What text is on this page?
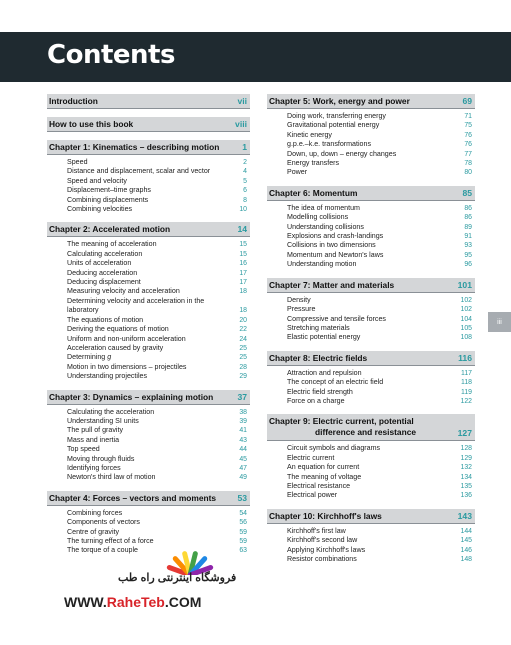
Contents
Introduction	vii
How to use this book	viii
Chapter 1: Kinematics – describing motion	1
Speed	2
Distance and displacement, scalar and vector	4
Speed and velocity	5
Displacement–time graphs	6
Combining displacements	8
Combining velocities	10
Chapter 2: Accelerated motion	14
The meaning of acceleration	15
Calculating acceleration	15
Units of acceleration	16
Deducing acceleration	17
Deducing displacement	17
Measuring velocity and acceleration	18
Determining velocity and acceleration in the laboratory	18
The equations of motion	20
Deriving the equations of motion	22
Uniform and non-uniform acceleration	24
Acceleration caused by gravity	25
Determining g	25
Motion in two dimensions – projectiles	28
Understanding projectiles	29
Chapter 3: Dynamics – explaining motion	37
Calculating the acceleration	38
Understanding SI units	39
The pull of gravity	41
Mass and inertia	43
Top speed	44
Moving through fluids	45
Identifying forces	47
Newton's third law of motion	49
Chapter 4: Forces – vectors and moments 53
Combining forces	54
Components of vectors	56
Centre of gravity	59
The turning effect of a force	59
The torque of a couple	63
Chapter 5: Work, energy and power	69
Doing work, transferring energy	71
Gravitational potential energy	75
Kinetic energy	76
g.p.e.–k.e. transformations	76
Down, up, down – energy changes	77
Energy transfers	78
Power	80
Chapter 6: Momentum	85
The idea of momentum	86
Modelling collisions	86
Understanding collisions	89
Explosions and crash-landings	91
Collisions in two dimensions	93
Momentum and Newton's laws	95
Understanding motion	96
Chapter 7: Matter and materials	101
Density	102
Pressure	102
Compressive and tensile forces	104
Stretching materials	105
Elastic potential energy	108
Chapter 8: Electric fields	116
Attraction and repulsion	117
The concept of an electric field	118
Electric field strength	119
Force on a charge	122
Chapter 9: Electric current, potential
difference and resistance	127
Circuit symbols and diagrams	128
Electric current	129
An equation for current	132
The meaning of voltage	134
Electrical resistance	135
Electrical power	136
Chapter 10: Kirchhoff's laws	143
Kirchhoff's first law	144
Kirchhoff's second law	145
Applying Kirchhoff's laws	146
Resistor combinations	148
iii
فروشگاه اینترنتی راه طب
WWW.RaheTeb.COM
